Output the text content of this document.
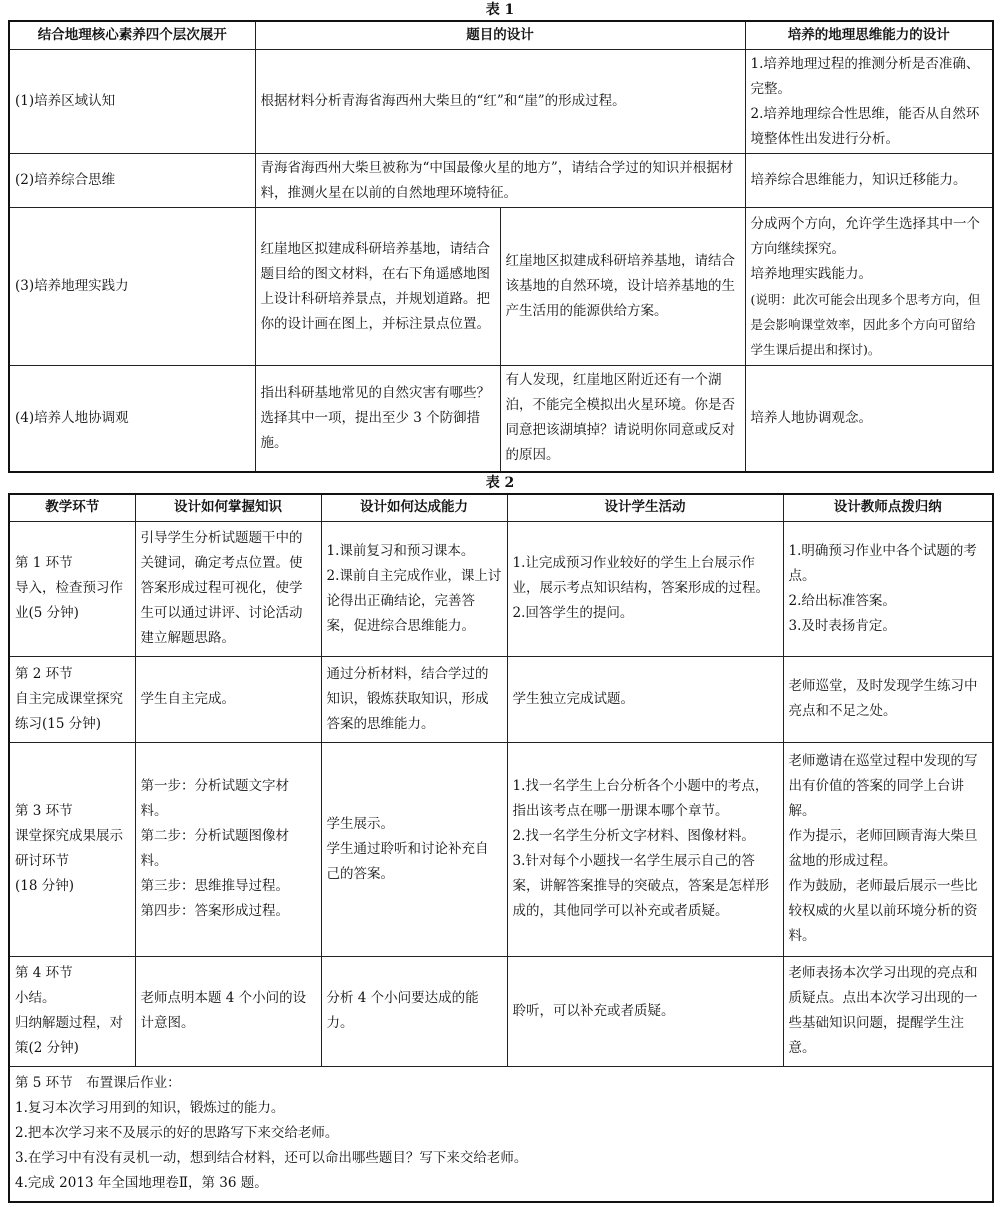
表 1
结合地理核心素养四个层次展开	题目的设计		培养的地理思维能力的设计
(1)培养区域认知	根据材料分析青海省海西州大柴旦的“红”和“崖”的形成过程。		1.培养地理过程的推测分析是否准确、完整。
2.培养地理综合性思维，能否从自然环境整体性出发进行分析。

(2)培养综合思维	青海省海西州大柴旦被称为“中国最像火星的地方”，请结合学过的知识并根据材料，推测火星在以前的自然地理环境特征。		培养综合思维能力，知识迁移能力。
(3)培养地理实践力	红崖地区拟建成科研培养基地，请结合题目给的图文材料，在右下角遥感地图上设计科研培养景点，并规划道路。把你的设计画在图上，并标注景点位置。	红崖地区拟建成科研培养基地，请结合该基地的自然环境，设计培养基地的生产生活用的能源供给方案。	分成两个方向，允许学生选择其中一个方向继续探究。
培养地理实践能力。
(说明：此次可能会出现多个思考方向，但是会影响课堂效率，因此多个方向可留给学生课后提出和探讨)。

(4)培养人地协调观	指出科研基地常见的自然灾害有哪些？选择其中一项，提出至少 3 个防御措施。	有人发现，红崖地区附近还有一个湖泊，不能完全模拟出火星环境。你是否同意把该湖填掉？请说明你同意或反对的原因。	培养人地协调观念。
表 2
教学环节	设计如何掌握知识	设计如何达成能力	设计学生活动	设计教师点拨归纳

第 1 环节
导入，检查预习作业(5 分钟)	引导学生分析试题题干中的关键词，确定考点位置。使答案形成过程可视化，使学生可以通过讲评、讨论活动建立解题思路。	1.课前复习和预习课本。
2.课前自主完成作业，课上讨论得出正确结论，完善答案，促进综合思维能力。	1.让完成预习作业较好的学生上台展示作业，展示考点知识结构，答案形成的过程。
2.回答学生的提问。	1.明确预习作业中各个试题的考点。
2.给出标准答案。
3.及时表扬肯定。

第 2 环节
自主完成课堂探究练习(15 分钟)	学生自主完成。	通过分析材料，结合学过的知识，锻炼获取知识，形成答案的思维能力。	学生独立完成试题。	老师巡堂，及时发现学生练习中亮点和不足之处。

第 3 环节
课堂探究成果展示研讨环节
(18 分钟)	第一步：分析试题文字材料。
第二步：分析试题图像材料。
第三步：思维推导过程。
第四步：答案形成过程。	学生展示。
学生通过聆听和讨论补充自己的答案。	1.找一名学生上台分析各个小题中的考点，指出该考点在哪一册课本哪个章节。
2.找一名学生分析文字材料、图像材料。
3.针对每个小题找一名学生展示自己的答案，讲解答案推导的突破点，答案是怎样形成的，其他同学可以补充或者质疑。	老师邀请在巡堂过程中发现的写出有价值的答案的同学上台讲解。
作为提示，老师回顾青海大柴旦盆地的形成过程。
作为鼓励，老师最后展示一些比较权威的火星以前环境分析的资料。

第 4 环节
小结。
归纳解题过程，对策(2 分钟)	老师点明本题 4 个小问的设计意图。	分析 4 个小问要达成的能力。	聆听，可以补充或者质疑。	老师表扬本次学习出现的亮点和质疑点。点出本次学习出现的一些基础知识问题，提醒学生注意。

第 5 环节　布置课后作业：
1.复习本次学习用到的知识，锻炼过的能力。
2.把本次学习来不及展示的好的思路写下来交给老师。
3.在学习中有没有灵机一动，想到结合材料，还可以命出哪些题目？写下来交给老师。
4.完成 2013 年全国地理卷Ⅱ，第 36 题。				
